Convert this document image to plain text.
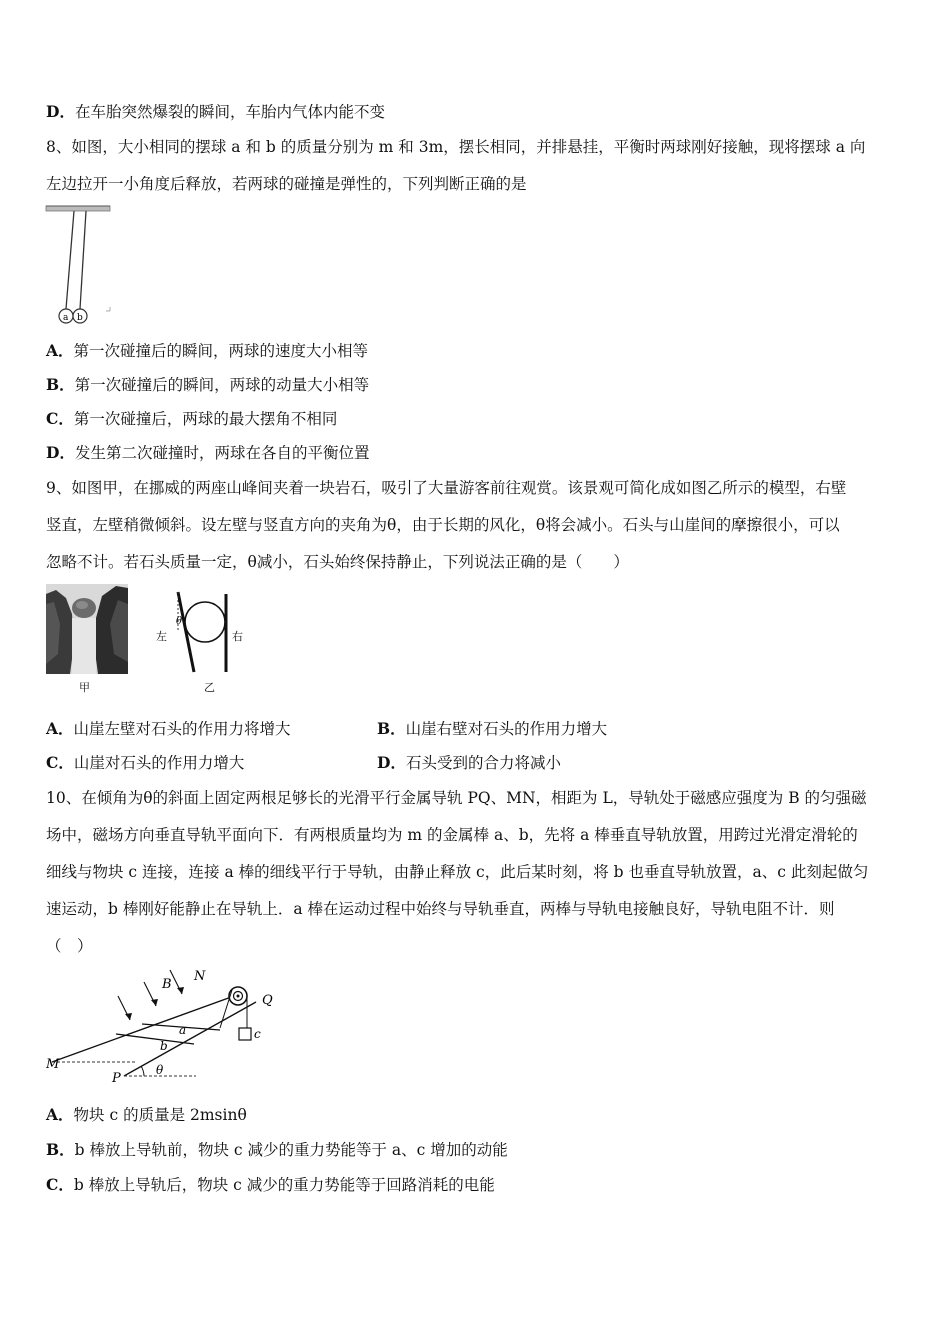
D．在车胎突然爆裂的瞬间，车胎内气体内能不变
8、如图，大小相同的摆球 a 和 b 的质量分别为 m 和 3m，摆长相同，并排悬挂，平衡时两球刚好接触，现将摆球 a 向
左边拉开一小角度后释放，若两球的碰撞是弹性的，下列判断正确的是
a b
A．第一次碰撞后的瞬间，两球的速度大小相等
B．第一次碰撞后的瞬间，两球的动量大小相等
C．第一次碰撞后，两球的最大摆角不相同
D．发生第二次碰撞时，两球在各自的平衡位置
9、如图甲，在挪威的两座山峰间夹着一块岩石，吸引了大量游客前往观赏。该景观可简化成如图乙所示的模型，右壁
竖直，左壁稍微倾斜。设左壁与竖直方向的夹角为θ，由于长期的风化，θ将会减小。石头与山崖间的摩擦很小，可以
忽略不计。若石头质量一定，θ减小，石头始终保持静止，下列说法正确的是（　　）
甲
θ
左	右
乙
A．山崖左壁对石头的作用力将增大	B．山崖右壁对石头的作用力增大
C．山崖对石头的作用力增大	D．石头受到的合力将减小
10、在倾角为θ的斜面上固定两根足够长的光滑平行金属导轨 PQ、MN，相距为 L，导轨处于磁感应强度为 B 的匀强磁
场中，磁场方向垂直导轨平面向下．有两根质量均为 m 的金属棒 a、b，先将 a 棒垂直导轨放置，用跨过光滑定滑轮的
细线与物块 c 连接，连接 a 棒的细线平行于导轨，由静止释放 c，此后某时刻，将 b 也垂直导轨放置，a、c 此刻起做匀
速运动，b 棒刚好能静止在导轨上．a 棒在运动过程中始终与导轨垂直，两棒与导轨电接触良好，导轨电阻不计．则
（　）
B
N
Q
a
b
c
M
P
θ
A．物块 c 的质量是 2msinθ
B．b 棒放上导轨前，物块 c 减少的重力势能等于 a、c 增加的动能
C．b 棒放上导轨后，物块 c 减少的重力势能等于回路消耗的电能
